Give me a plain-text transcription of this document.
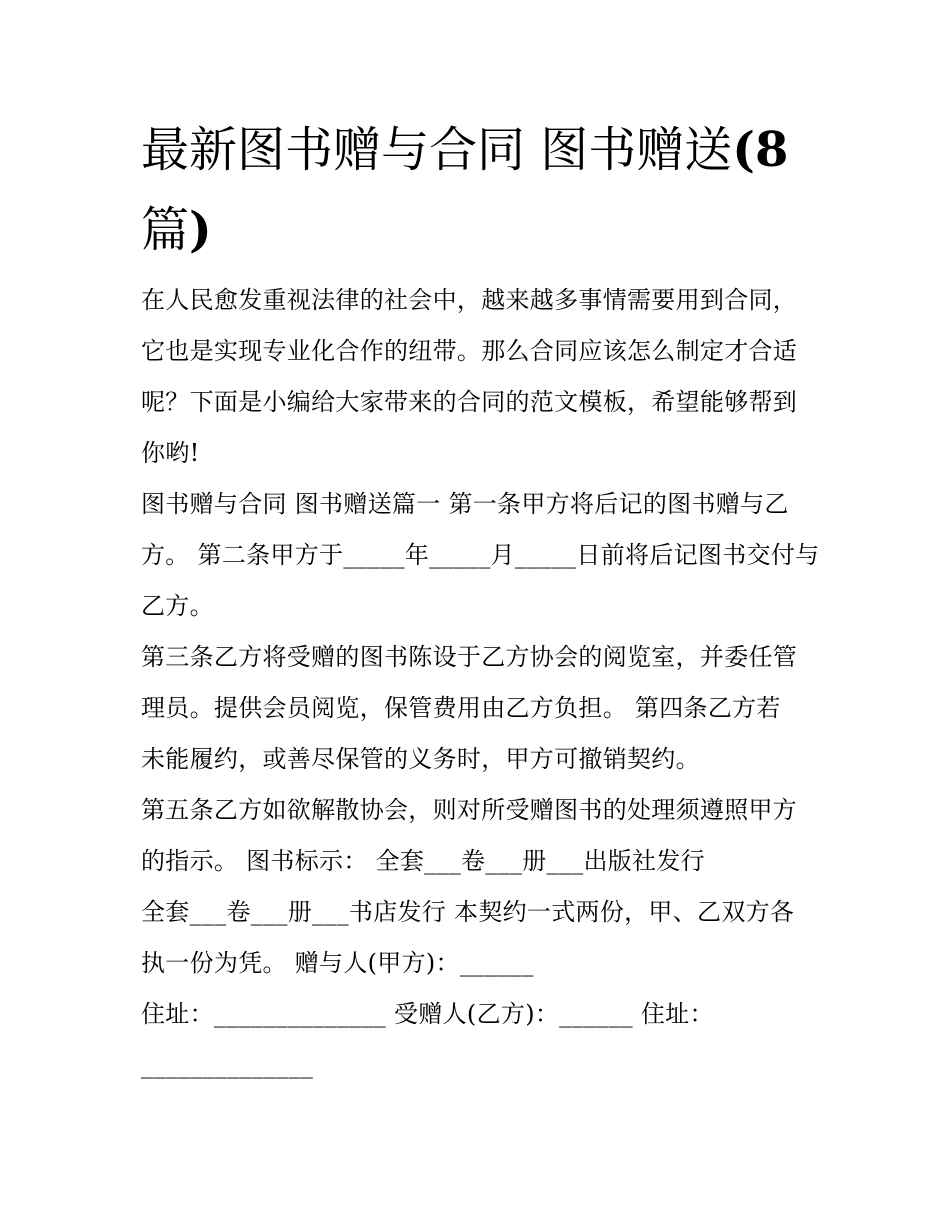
最新图书赠与合同 图书赠送(8
篇)

在人民愈发重视法律的社会中，越来越多事情需要用到合同，
它也是实现专业化合作的纽带。那么合同应该怎么制定才合适
呢？下面是小编给大家带来的合同的范文模板，希望能够帮到
你哟!

图书赠与合同 图书赠送篇一 第一条甲方将后记的图书赠与乙
方。 第二条甲方于_____年_____月_____日前将后记图书交付与
乙方。

第三条乙方将受赠的图书陈设于乙方协会的阅览室，并委任管
理员。提供会员阅览，保管费用由乙方负担。 第四条乙方若
未能履约，或善尽保管的义务时，甲方可撤销契约。

第五条乙方如欲解散协会，则对所受赠图书的处理须遵照甲方
的指示。 图书标示： 全套___卷___册___出版社发行
全套___卷___册___书店发行 本契约一式两份，甲、乙双方各
执一份为凭。 赠与人(甲方)：______

住址：______________ 受赠人(乙方)：______ 住址：
______________
